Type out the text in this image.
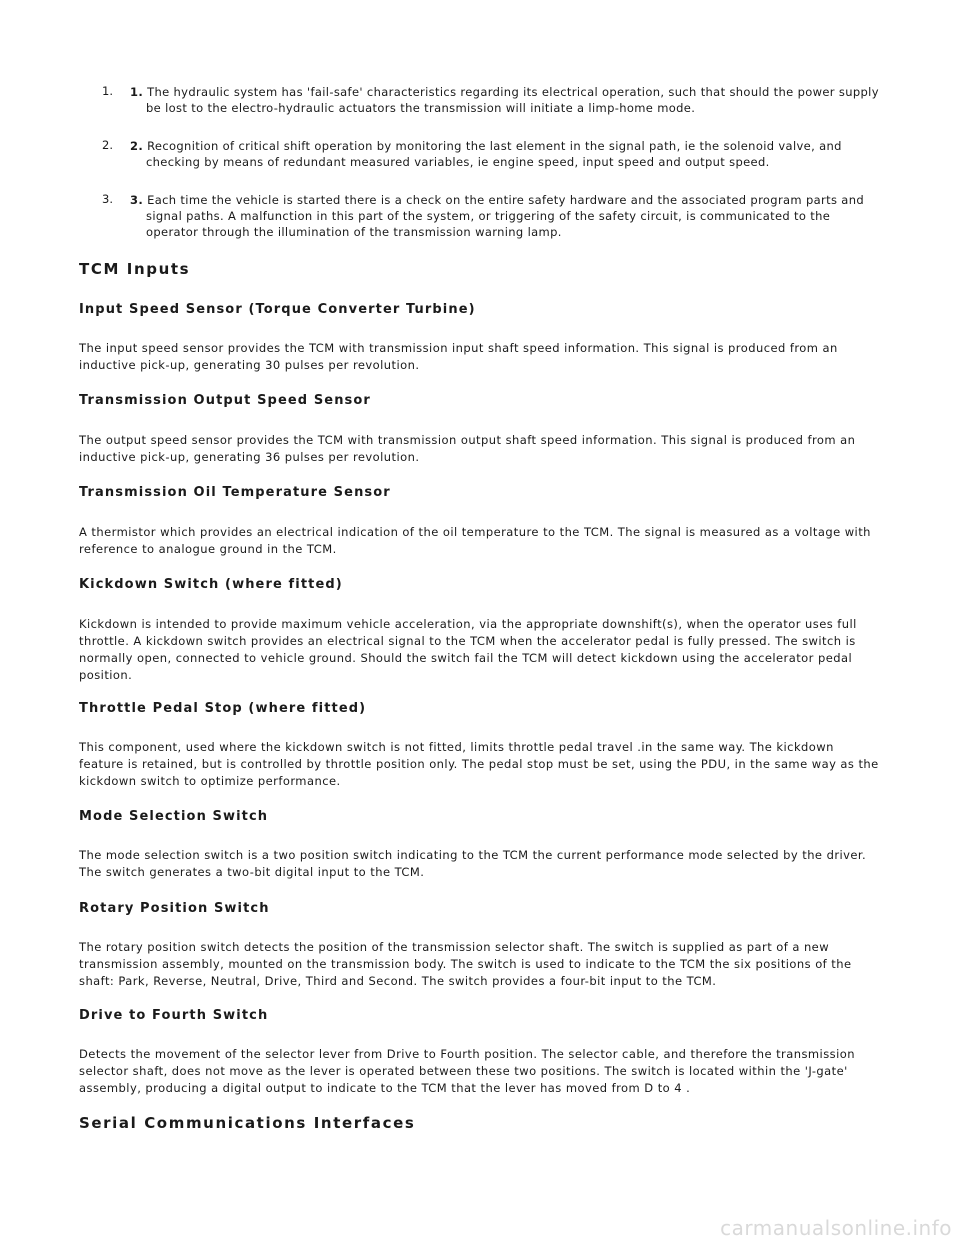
1. 1. The hydraulic system has 'fail-safe' characteristics regarding its electrical operation, such that should the power supply be lost to the electro-hydraulic actuators the transmission will initiate a limp-home mode.
2. 2. Recognition of critical shift operation by monitoring the last element in the signal path, ie the solenoid valve, and checking by means of redundant measured variables, ie engine speed, input speed and output speed.
3. 3. Each time the vehicle is started there is a check on the entire safety hardware and the associated program parts and signal paths. A malfunction in this part of the system, or triggering of the safety circuit, is communicated to the operator through the illumination of the transmission warning lamp.
TCM Inputs
Input Speed Sensor (Torque Converter Turbine)

The input speed sensor provides the TCM with transmission input shaft speed information. This signal is produced from an inductive pick-up, generating 30 pulses per revolution.

Transmission Output Speed Sensor

The output speed sensor provides the TCM with transmission output shaft speed information. This signal is produced from an inductive pick-up, generating 36 pulses per revolution.

Transmission Oil Temperature Sensor

A thermistor which provides an electrical indication of the oil temperature to the TCM. The signal is measured as a voltage with reference to analogue ground in the TCM.

Kickdown Switch (where fitted)

Kickdown is intended to provide maximum vehicle acceleration, via the appropriate downshift(s), when the operator uses full throttle. A kickdown switch provides an electrical signal to the TCM when the accelerator pedal is fully pressed. The switch is normally open, connected to vehicle ground. Should the switch fail the TCM will detect kickdown using the accelerator pedal position.

Throttle Pedal Stop (where fitted)

This component, used where the kickdown switch is not fitted, limits throttle pedal travel .in the same way. The kickdown feature is retained, but is controlled by throttle position only. The pedal stop must be set, using the PDU, in the same way as the kickdown switch to optimize performance.

Mode Selection Switch

The mode selection switch is a two position switch indicating to the TCM the current performance mode selected by the driver. The switch generates a two-bit digital input to the TCM.

Rotary Position Switch

The rotary position switch detects the position of the transmission selector shaft. The switch is supplied as part of a new transmission assembly, mounted on the transmission body. The switch is used to indicate to the TCM the six positions of the shaft: Park, Reverse, Neutral, Drive, Third and Second. The switch provides a four-bit input to the TCM.

Drive to Fourth Switch

Detects the movement of the selector lever from Drive to Fourth position. The selector cable, and therefore the transmission selector shaft, does not move as the lever is operated between these two positions. The switch is located within the 'J-gate' assembly, producing a digital output to indicate to the TCM that the lever has moved from D to 4 .

Serial Communications Interfaces
carmanualsonline.info
